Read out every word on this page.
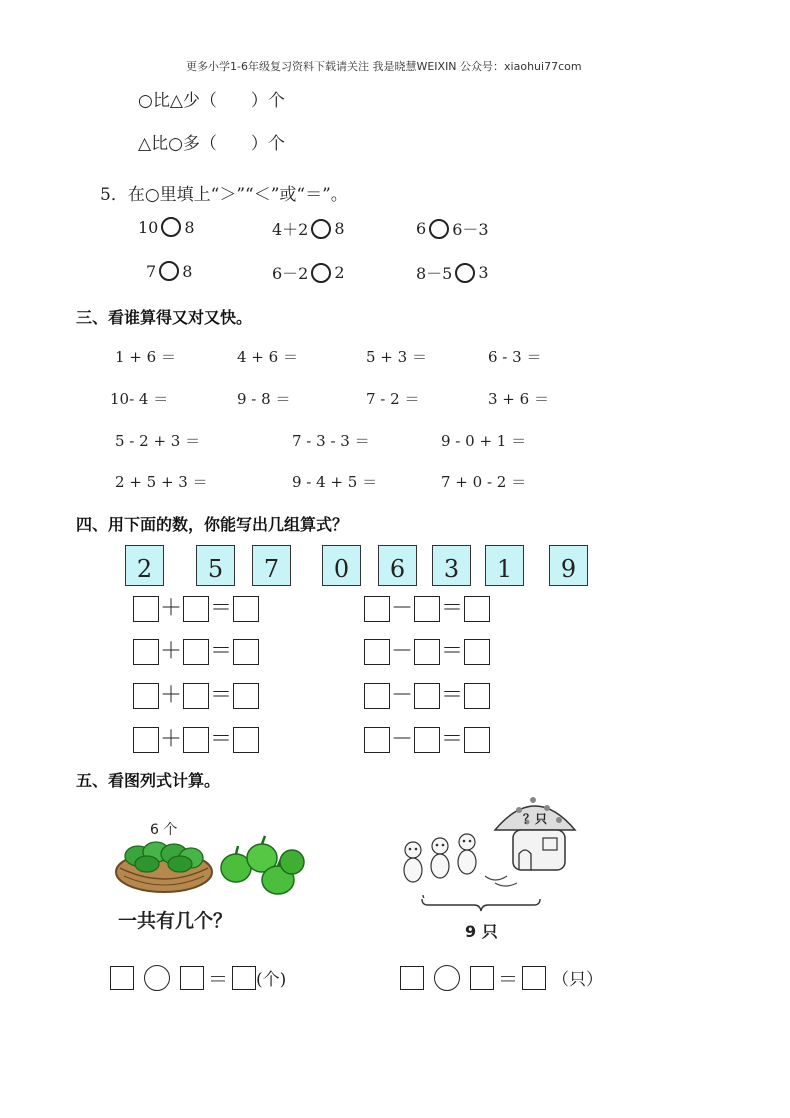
更多小学1-6年级复习资料下载请关注 我是晓慧WEIXIN 公众号：xiaohui77com
○比△少（　　）个
△比○多（　　）个
5．在○里填上“＞”“＜”或“＝”。
10 8	4＋2 8	6 6－3
7 8	6－2 2	8－5 3
三、看谁算得又对又快。
1 + 6 ＝	4 + 6 ＝	5 + 3 ＝	6 - 3 ＝
10- 4 ＝	9 - 8 ＝	7 - 2 ＝	3 + 6 ＝
5 - 2 + 3 ＝	7 - 3 - 3 ＝	9 - 0 + 1 ＝
2 + 5 + 3 ＝	9 - 4 + 5 ＝	7 + 0 - 2 ＝
四、用下面的数，你能写出几组算式？
2	5	7	0	6	3	1	9
＋ ＝
＋ ＝
＋ ＝
＋ ＝
－ ＝
－ ＝
－ ＝
－ ＝
五、看图列式计算。
6 个
一共有几个？
？只
9 只
＝ (个)	＝ （只）
